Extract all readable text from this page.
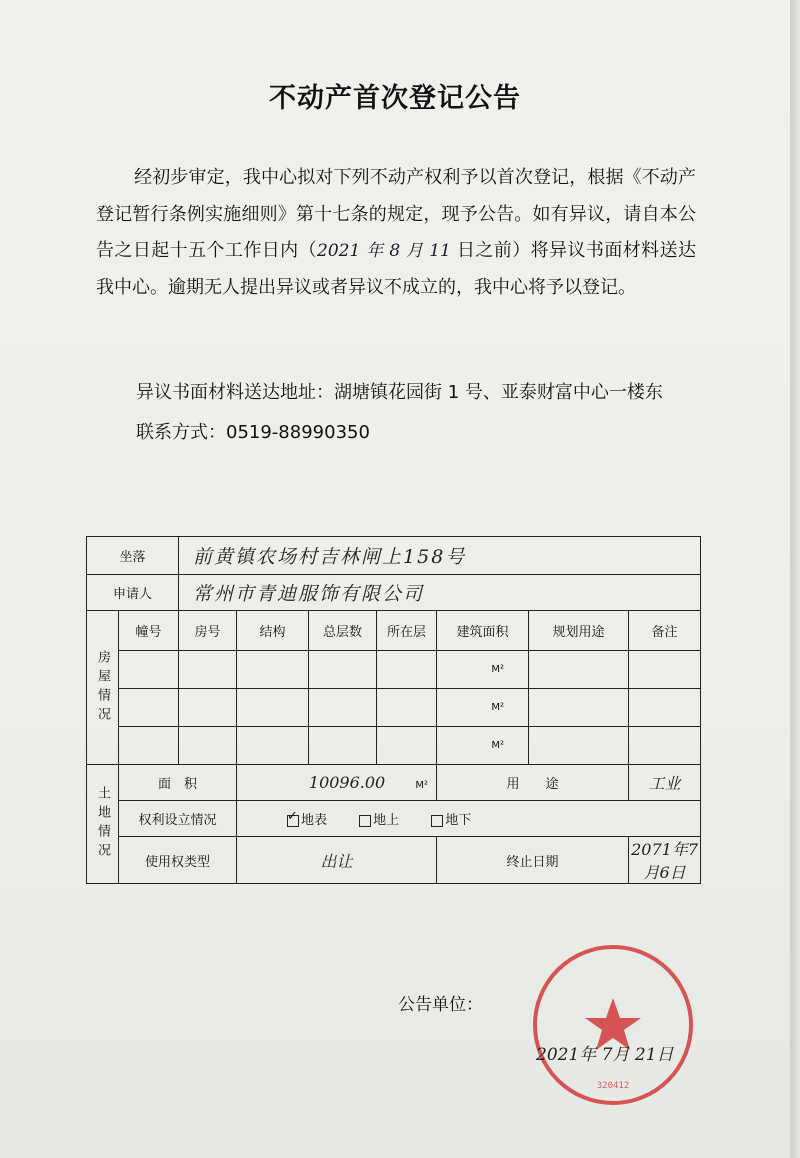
不动产首次登记公告
经初步审定，我中心拟对下列不动产权利予以首次登记，根据《不动产登记暂行条例实施细则》第十七条的规定，现予公告。如有异议，请自本公告之日起十五个工作日内（2021 年 8 月 11 日之前）将异议书面材料送达我中心。逾期无人提出异议或者异议不成立的，我中心将予以登记。
异议书面材料送达地址：湖塘镇花园街 1 号、亚泰财富中心一楼东
联系方式：0519-88990350
坐落		前黄镇农场村吉林闸上158号						
申请人		常州市青迪服饰有限公司						

房屋情况	幢号	房号	结构	总层数	所在层	建筑面积	规划用途	备注
						M²		
						M²		
						M²		

土地情况	面　积		10096.00 M²			用　　途		工业
	权利设立情况		✓ 地表 地上 地下					
	使用权类型		出让			终止日期		2071年7月6日
公告单位：
320412
2021年 7月 21日
